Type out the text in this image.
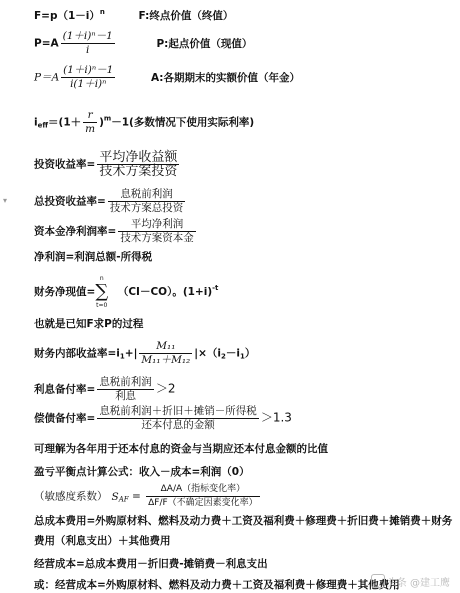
▾
$F=p(1-i)^n$	F:终点价值（终值）
$P=A \frac{\text{(1＋i)ⁿ－1}}{i}$	P:起点价值（现值）
$P=A \frac{\text{(1＋i)ⁿ－1}}{\text{i(1＋i)ⁿ}}$	A:各期期末的实额价值（年金）
$i_{eff}=(1+ \frac{r}{m} )^m-1$(多数情况下使用实际利率)
投资收益率= $\frac{\text{平均净收益额}}{\text{技术方案投资}}$
总投资收益率= $\frac{\text{息税前利润}}{\text{技术方案总投资}}$
资本金净利润率= $\frac{\text{平均净利润}}{\text{技术方案资本金}}$
净利润=利润总额-所得税
财务净现值=
n
∑
t=0
（CI－CO）。$(1+i)^{-t}$
也就是已知F求P的过程
财务内部收益率$=i_1+| \frac{\text{M₁₁}}{\text{M₁₁＋M₁₂}} |\times(i_2-i_1)$
利息备付率= $\frac{\text{息税前利润}}{\text{利息}} >2$
偿债备付率= $\frac{\text{息税前利润＋折旧＋摊销－所得税}}{\text{还本付息的金额}} >1.3$
可理解为各年用于还本付息的资金与当期应还本付息金额的比值
盈亏平衡点计算公式：收入－成本=利润（0）
（敏感度系数） $S_{AF} = \frac{\text{ΔA/A（指标变化率）}}{\text{ΔF/F（不确定因素变化率）}}$
总成本费用=外购原材料、燃料及动力费＋工资及福利费＋修理费＋折旧费＋摊销费＋财务
费用（利息支出）＋其他费用
经营成本=总成本费用－折旧费-摊销费－利息支出
或：经营成本=外购原材料、燃料及动力费＋工资及福利费＋修理费＋其他费用
头条 @建工鹰
